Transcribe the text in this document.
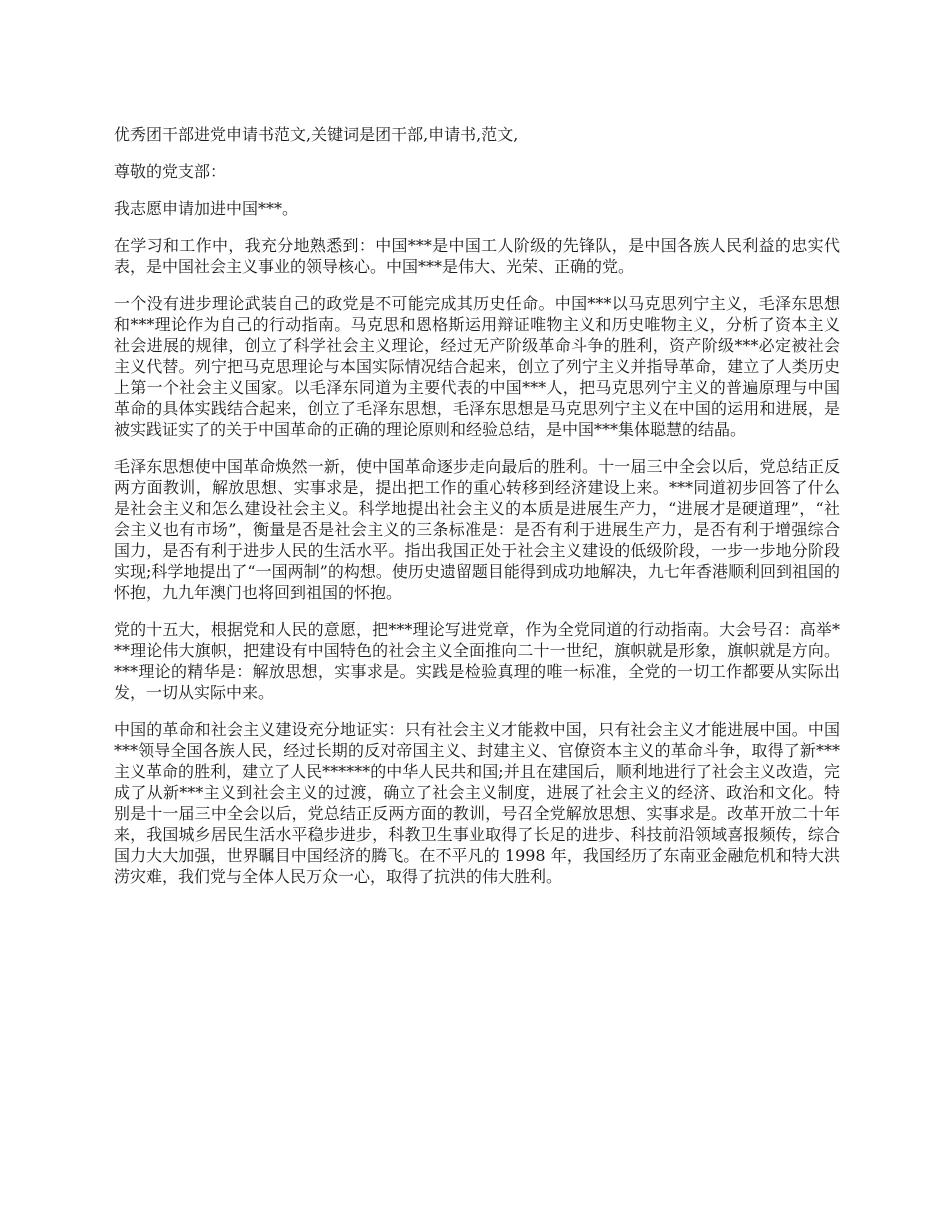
优秀团干部进党申请书范文,关键词是团干部,申请书,范文,

尊敬的党支部：

我志愿申请加进中国***。

在学习和工作中，我充分地熟悉到：中国***是中国工人阶级的先锋队，是中国各族人民利益的忠实代表，是中国社会主义事业的领导核心。中国***是伟大、光荣、正确的党。

一个没有进步理论武装自己的政党是不可能完成其历史任命。中国***以马克思列宁主义，毛泽东思想和***理论作为自己的行动指南。马克思和恩格斯运用辩证唯物主义和历史唯物主义，分析了资本主义社会进展的规律，创立了科学社会主义理论，经过无产阶级革命斗争的胜利，资产阶级***必定被社会主义代替。列宁把马克思理论与本国实际情况结合起来，创立了列宁主义并指导革命，建立了人类历史上第一个社会主义国家。以毛泽东同道为主要代表的中国***人，把马克思列宁主义的普遍原理与中国革命的具体实践结合起来，创立了毛泽东思想，毛泽东思想是马克思列宁主义在中国的运用和进展，是被实践证实了的关于中国革命的正确的理论原则和经验总结，是中国***集体聪慧的结晶。

毛泽东思想使中国革命焕然一新，使中国革命逐步走向最后的胜利。十一届三中全会以后，党总结正反两方面教训，解放思想、实事求是，提出把工作的重心转移到经济建设上来。***同道初步回答了什么是社会主义和怎么建设社会主义。科学地提出社会主义的本质是进展生产力，“进展才是硬道理”，“社会主义也有市场”，衡量是否是社会主义的三条标准是：是否有利于进展生产力，是否有利于增强综合国力，是否有利于进步人民的生活水平。指出我国正处于社会主义建设的低级阶段，一步一步地分阶段实现;科学地提出了“一国两制”的构想。使历史遗留题目能得到成功地解决，九七年香港顺利回到祖国的怀抱，九九年澳门也将回到祖国的怀抱。

党的十五大，根据党和人民的意愿，把***理论写进党章，作为全党同道的行动指南。大会号召：高举***理论伟大旗帜，把建设有中国特色的社会主义全面推向二十一世纪，旗帜就是形象，旗帜就是方向。***理论的精华是：解放思想，实事求是。实践是检验真理的唯一标准，全党的一切工作都要从实际出发，一切从实际中来。

中国的革命和社会主义建设充分地证实：只有社会主义才能救中国，只有社会主义才能进展中国。中国***领导全国各族人民，经过长期的反对帝国主义、封建主义、官僚资本主义的革命斗争，取得了新***主义革命的胜利，建立了人民******的中华人民共和国;并且在建国后，顺利地进行了社会主义改造，完成了从新***主义到社会主义的过渡，确立了社会主义制度，进展了社会主义的经济、政治和文化。特别是十一届三中全会以后，党总结正反两方面的教训，号召全党解放思想、实事求是。改革开放二十年来，我国城乡居民生活水平稳步进步，科教卫生事业取得了长足的进步、科技前沿领域喜报频传，综合国力大大加强，世界瞩目中国经济的腾飞。在不平凡的 1998 年，我国经历了东南亚金融危机和特大洪涝灾难，我们党与全体人民万众一心，取得了抗洪的伟大胜利。
